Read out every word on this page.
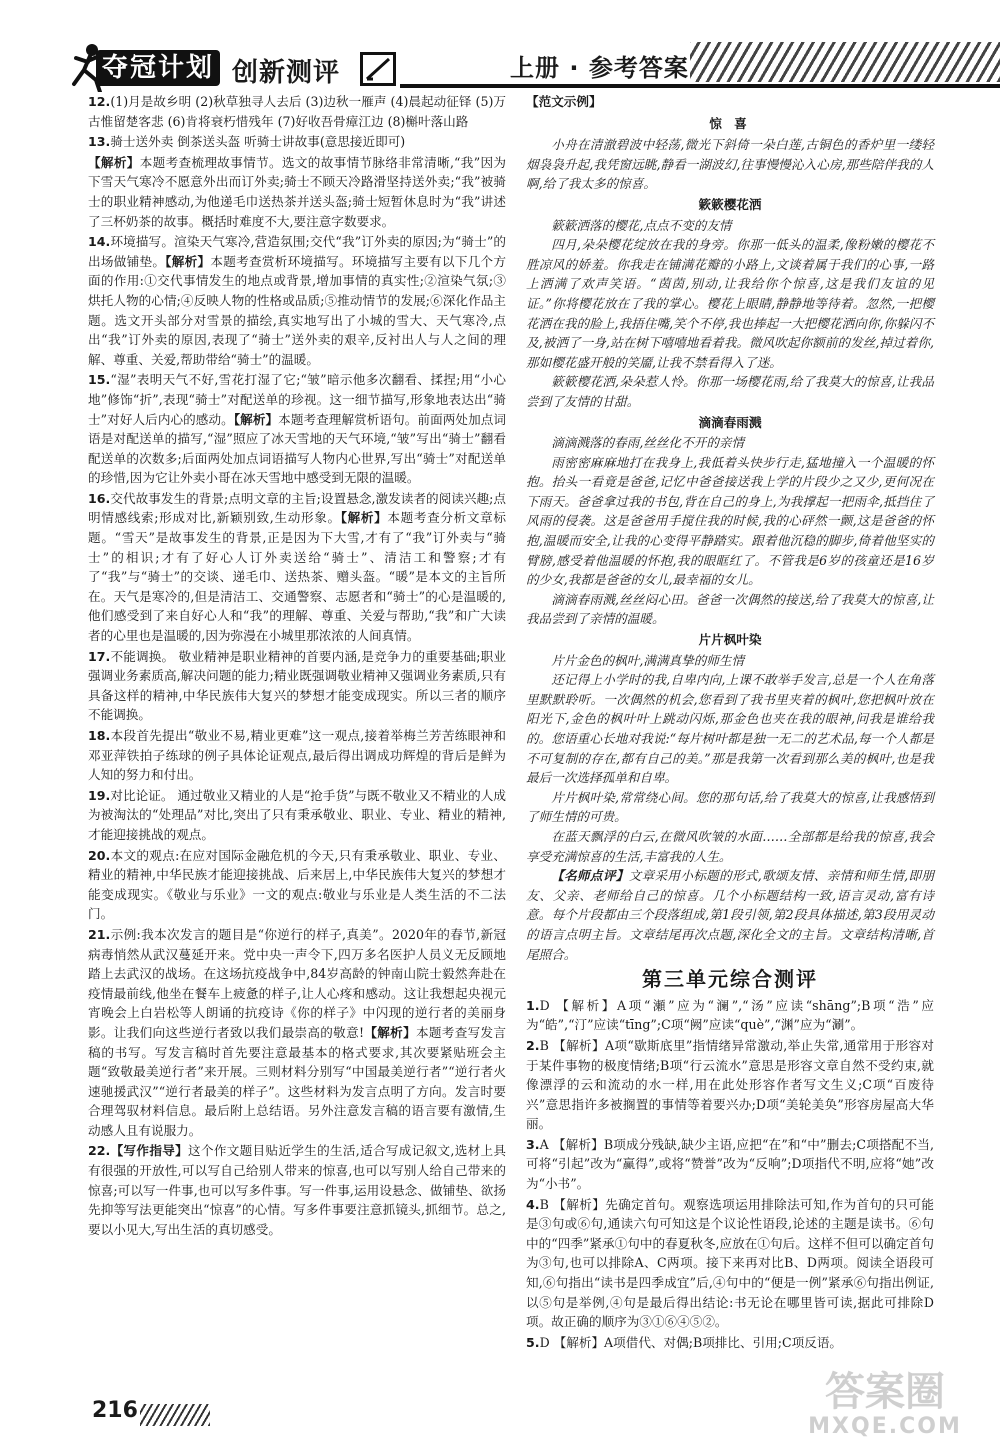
夺冠计划 创新测评	上册 · 参考答案
12.(1)月是故乡明 (2)秋草独寻人去后 (3)边秋一雁声 (4)晨起动征铎 (5)万古惟留楚客悲 (6)肯将衰朽惜残年 (7)好收吾骨瘴江边 (8)槲叶落山路
13.骑士送外卖 倒茶送头盔 听骑士讲故事(意思接近即可)
【解析】本题考查梳理故事情节。选文的故事情节脉络非常清晰,“我”因为下雪天气寒冷不愿意外出而订外卖;骑士不顾天冷路滑坚持送外卖;“我”被骑士的职业精神感动,为他递毛巾送热茶并送头盔;骑士短暂休息时为“我”讲述了三杯奶茶的故事。概括时难度不大,要注意字数要求。
14.环境描写。渲染天气寒冷,营造氛围;交代“我”订外卖的原因;为“骑士”的出场做铺垫。【解析】本题考查赏析环境描写。环境描写主要有以下几个方面的作用:①交代事情发生的地点或背景,增加事情的真实性;②渲染气氛;③烘托人物的心情;④反映人物的性格或品质;⑤推动情节的发展;⑥深化作品主题。选文开头部分对雪景的描绘,真实地写出了小城的雪大、天气寒冷,点出“我”订外卖的原因,表现了“骑士”送外卖的艰辛,反衬出人与人之间的理解、尊重、关爱,帮助带给“骑士”的温暖。
15.“湿”表明天气不好,雪花打湿了它;“皱”暗示他多次翻看、揉捏;用“小心地”修饰“折”,表现“骑士”对配送单的珍视。这一细节描写,形象地表达出“骑士”对好人后内心的感动。【解析】本题考查理解赏析语句。前面两处加点词语是对配送单的描写,“湿”照应了冰天雪地的天气环境,“皱”写出“骑士”翻看配送单的次数多;后面两处加点词语描写人物内心世界,写出“骑士”对配送单的珍惜,因为它让外卖小哥在冰天雪地中感受到无限的温暖。
16.交代故事发生的背景;点明文章的主旨;设置悬念,激发读者的阅读兴趣;点明情感线索;形成对比,新颖别致,生动形象。【解析】本题考查分析文章标题。“雪天”是故事发生的背景,正是因为下大雪,才有了“我”订外卖与“骑士”的相识;才有了好心人订外卖送给“骑士”、清洁工和警察;才有了“我”与“骑士”的交谈、递毛巾、送热茶、赠头盔。“暖”是本文的主旨所在。天气是寒冷的,但是清洁工、交通警察、志愿者和“骑士”的心是温暖的,他们感受到了来自好心人和“我”的理解、尊重、关爱与帮助,“我”和广大读者的心里也是温暖的,因为弥漫在小城里那浓浓的人间真情。
17.不能调换。 敬业精神是职业精神的首要内涵,是竞争力的重要基础;职业强调业务素质高,解决问题的能力;精业既强调敬业精神又强调业务素质,只有具备这样的精神,中华民族伟大复兴的梦想才能变成现实。所以三者的顺序不能调换。
18.本段首先提出“敬业不易,精业更难”这一观点,接着举梅兰芳苦练眼神和邓亚萍铁拍子练球的例子具体论证观点,最后得出调成功辉煌的背后是鲜为人知的努力和付出。
19.对比论证。 通过敬业又精业的人是“抢手货”与既不敬业又不精业的人成为被淘汰的“处理品”对比,突出了只有秉承敬业、职业、专业、精业的精神,才能迎接挑战的观点。
20.本文的观点:在应对国际金融危机的今天,只有秉承敬业、职业、专业、精业的精神,中华民族才能迎接挑战、后来居上,中华民族伟大复兴的梦想才能变成现实。《敬业与乐业》一文的观点:敬业与乐业是人类生活的不二法门。
21.示例:我本次发言的题目是“你逆行的样子,真美”。2020年的春节,新冠病毒悄然从武汉蔓延开来。党中央一声令下,四万多名医护人员义无反顾地踏上去武汉的战场。在这场抗疫战争中,84岁高龄的钟南山院士毅然奔赴在疫情最前线,他坐在餐车上疲惫的样子,让人心疼和感动。这让我想起央视元宵晚会上白岩松等人朗诵的抗疫诗《你的样子》中闪现的逆行者的美丽身影。让我们向这些逆行者致以我们最崇高的敬意!【解析】本题考查写发言稿的书写。写发言稿时首先要注意最基本的格式要求,其次要紧贴班会主题“致敬最美逆行者”来开展。三则材料分别写“中国最美逆行者”“逆行者火速驰援武汉”“逆行者最美的样子”。这些材料为发言点明了方向。发言时要合理驾驭材料信息。最后附上总结语。另外注意发言稿的语言要有激情,生动感人且有说服力。
22.【写作指导】这个作文题目贴近学生的生活,适合写成记叙文,选材上具有很强的开放性,可以写自己给别人带来的惊喜,也可以写别人给自己带来的惊喜;可以写一件事,也可以写多件事。写一件事,运用设悬念、做铺垫、欲扬先抑等写法更能突出“惊喜”的心情。写多件事要注意抓镜头,抓细节。总之,要以小见大,写出生活的真切感受。
【范文示例】
惊 喜

小舟在清澈碧波中轻荡,微光下斜倚一朵白莲,古铜色的香炉里一缕轻烟袅袅升起,我凭窗远眺,静看一湖波幻,往事慢慢沁入心房,那些陪伴我的人啊,给了我太多的惊喜。

簌簌樱花洒

簌簌洒落的樱花,点点不变的友情

四月,朵朵樱花绽放在我的身旁。你那一低头的温柔,像粉嫩的樱花不胜凉风的娇羞。你我走在铺满花瓣的小路上,文谈着属于我们的心事,一路上洒满了欢声笑语。“茵茵,别动,让我给你个惊喜,这是我们友谊的见证。”你将樱花放在了我的掌心。樱花上眼睛,静静地等待着。忽然,一把樱花洒在我的脸上,我捂住嘴,笑个不停,我也捧起一大把樱花洒向你,你躲闪不及,被洒了一身,站在树下嘻嘻地看着我。微风吹起你额前的发丝,掉过着你,那如樱花盛开般的笑靥,让我不禁看得入了迷。

簌簌樱花洒,朵朵惹人怜。你那一场樱花雨,给了我莫大的惊喜,让我品尝到了友情的甘甜。

滴滴春雨溅

滴滴溅落的春雨,丝丝化不开的亲情

雨密密麻麻地打在我身上,我低着头快步行走,猛地撞入一个温暖的怀抱。抬头一看竟是爸爸,记忆中爸爸接送我上学的片段少之又少,更何况在下雨天。爸爸拿过我的书包,背在自己的身上,为我撑起一把雨伞,抵挡住了风雨的侵袭。这是爸爸用手搅住我的时候,我的心砰然一颤,这是爸爸的怀抱,温暖而安全,让我的心变得平静踏实。跟着他沉稳的脚步,倚着他坚实的臂膀,感受着他温暖的怀抱,我的眼眶红了。不管我是6岁的孩童还是16岁的少女,我都是爸爸的女儿,最幸福的女儿。

滴滴春雨溅,丝丝闷心田。爸爸一次偶然的接送,给了我莫大的惊喜,让我品尝到了亲情的温暖。

片片枫叶染

片片金色的枫叶,满满真挚的师生情

还记得上小学时的我,自卑内向,上课不敢举手发言,总是一个人在角落里默默聆听。一次偶然的机会,您看到了我书里夹着的枫叶,您把枫叶放在阳光下,金色的枫叶叶上跳动闪烁,那金色也夹在我的眼神,问我是谁给我的。您语重心长地对我说:“每片树叶都是独一无二的艺术品,每一个人都是不可复制的存在,都有自己的美。”那是我第一次看到那么美的枫叶,也是我最后一次选择孤单和自卑。

片片枫叶染,常常绕心间。您的那句话,给了我莫大的惊喜,让我感悟到了师生情的可贵。

在蓝天飘浮的白云,在微风吹皱的水面……全部都是给我的惊喜,我会享受充满惊喜的生活,丰富我的人生。

【名师点评】文章采用小标题的形式,歌颂友情、亲情和师生情,即朋友、父亲、老师给自己的惊喜。几个小标题结构一致,语言灵动,富有诗意。每个片段都由三个段落组成,第1段引领,第2段具体描述,第3段用灵动的语言点明主旨。文章结尾再次点题,深化全文的主旨。文章结构清晰,首尾照合。

第三单元综合测评
1.D 【解析】A项“瀬”应为“澜”,“汤”应读“shāng”;B项“浩”应为“皓”,“汀”应读“tīng”;C项“阙”应读“què”,“渊”应为“涮”。
2.B 【解析】A项“歇斯底里”指情绪异常激动,举止失常,通常用于形容对于某件事物的极度情绪;B项“行云流水”意思是形容文章自然不受约束,就像漂浮的云和流动的水一样,用在此处形容作者写文生义;C项“百废待兴”意思指许多被搁置的事情等着要兴办;D项“美轮美奂”形容房屋高大华丽。
3.A 【解析】B项成分残缺,缺少主语,应把“在”和“中”删去;C项搭配不当,可将“引起”改为“赢得”,或将“赞誉”改为“反响”;D项指代不明,应将“她”改为“小书”。
4.B 【解析】先确定首句。观察选项运用排除法可知,作为首句的只可能是③句或⑥句,通读六句可知这是个议论性语段,论述的主题是读书。⑥句中的“四季”紧承①句中的春夏秋冬,应放在①句后。这样不但可以确定首句为③句,也可以排除A、C两项。接下来再对比B、D两项。阅读全语段可知,⑥句指出“读书是四季成宜”后,④句中的“便是一例”紧承⑥句指出例证,以⑤句是举例,④句是最后得出结论:书无论在哪里皆可读,据此可排除D项。故正确的顺序为③①⑥④⑤②。
5.D 【解析】A项借代、对偶;B项排比、引用;C项反语。
216	答案圈
MXQE.COM
